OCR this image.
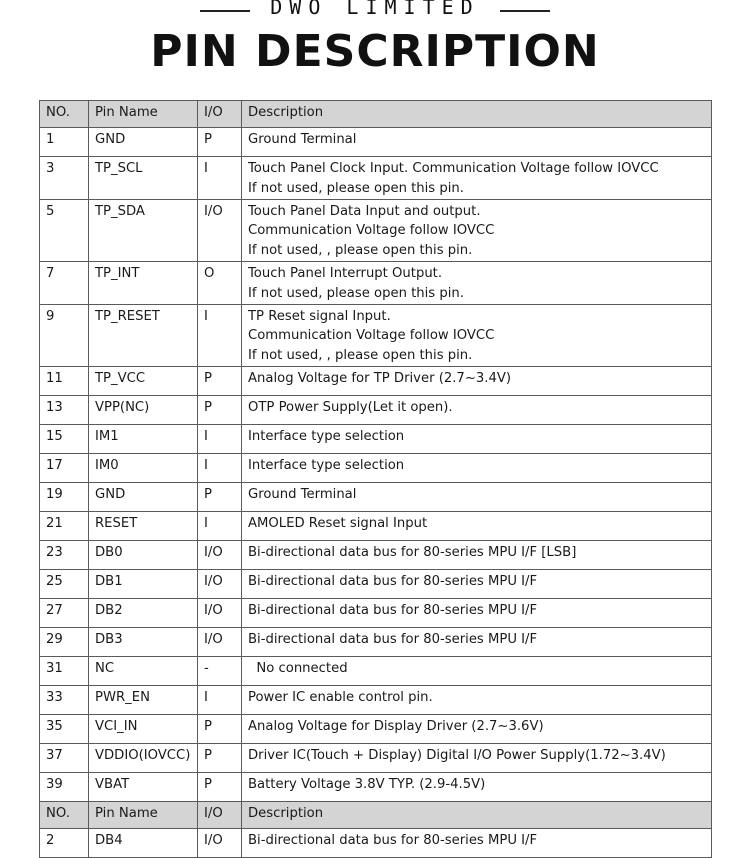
DWO LIMITED
PIN DESCRIPTION
NO.	Pin Name	I/O	Description
1	GND	P	Ground Terminal

3	TP_SCL	I	Touch Panel Clock Input. Communication Voltage follow IOVCC
If not used, please open this pin.

5	TP_SDA	I/O	Touch Panel Data Input and output.
Communication Voltage follow IOVCC
If not used, , please open this pin.

7	TP_INT	O	Touch Panel Interrupt Output.
If not used, please open this pin.

9	TP_RESET	I	TP Reset signal Input.
Communication Voltage follow IOVCC
If not used, , please open this pin.

11	TP_VCC	P	Analog Voltage for TP Driver (2.7~3.4V)

13	VPP(NC)	P	OTP Power Supply(Let it open).

15	IM1	I	Interface type selection

17	IM0	I	Interface type selection

19	GND	P	Ground Terminal

21	RESET	I	AMOLED Reset signal Input

23	DB0	I/O	Bi-directional data bus for 80-series MPU I/F [LSB]

25	DB1	I/O	Bi-directional data bus for 80-series MPU I/F

27	DB2	I/O	Bi-directional data bus for 80-series MPU I/F

29	DB3	I/O	Bi-directional data bus for 80-series MPU I/F

31	NC	-	No connected

33	PWR_EN	I	Power IC enable control pin.

35	VCI_IN	P	Analog Voltage for Display Driver (2.7~3.6V)

37	VDDIO(IOVCC)	P	Driver IC(Touch + Display) Digital I/O Power Supply(1.72~3.4V)

39	VBAT	P	Battery Voltage 3.8V TYP. (2.9-4.5V)

NO.	Pin Name	I/O	Description
2	DB4	I/O	Bi-directional data bus for 80-series MPU I/F
